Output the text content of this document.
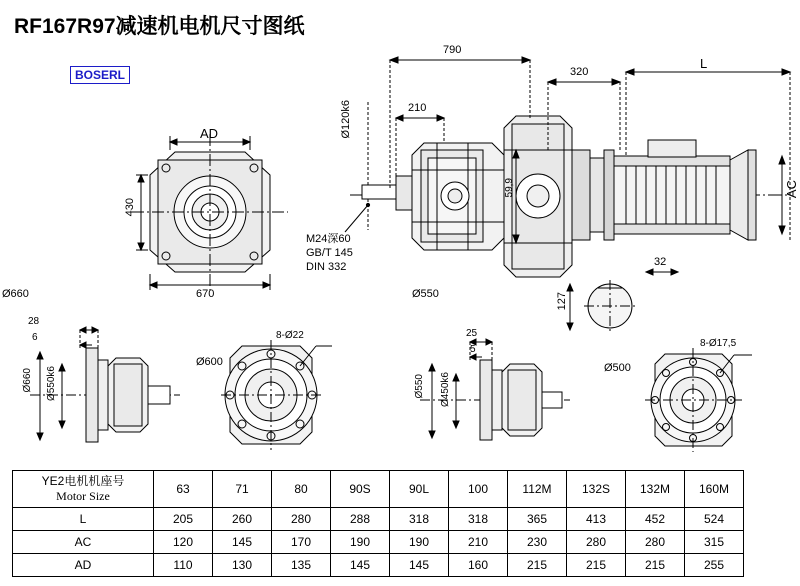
RF167R97减速机电机尺寸图纸
BOSERL
790
320
L
210
Ø120k6
59,9	AC
AD
430
670
Ø660	Ø550
32
127
28
6
Ø660 Ø550k6
Ø600
8-Ø22	25
5
Ø550 Ø450k6
Ø500
8-Ø17,5
M24深60
GB/T 145
DIN 332
YE2电机机座号
Motor Size	63	71	80	90S	90L	100	112M	132S	132M	160M
L	205	260	280	288	318	318	365	413	452	524
AC	120	145	170	190	190	210	230	280	280	315
AD	110	130	135	145	145	160	215	215	215	255
